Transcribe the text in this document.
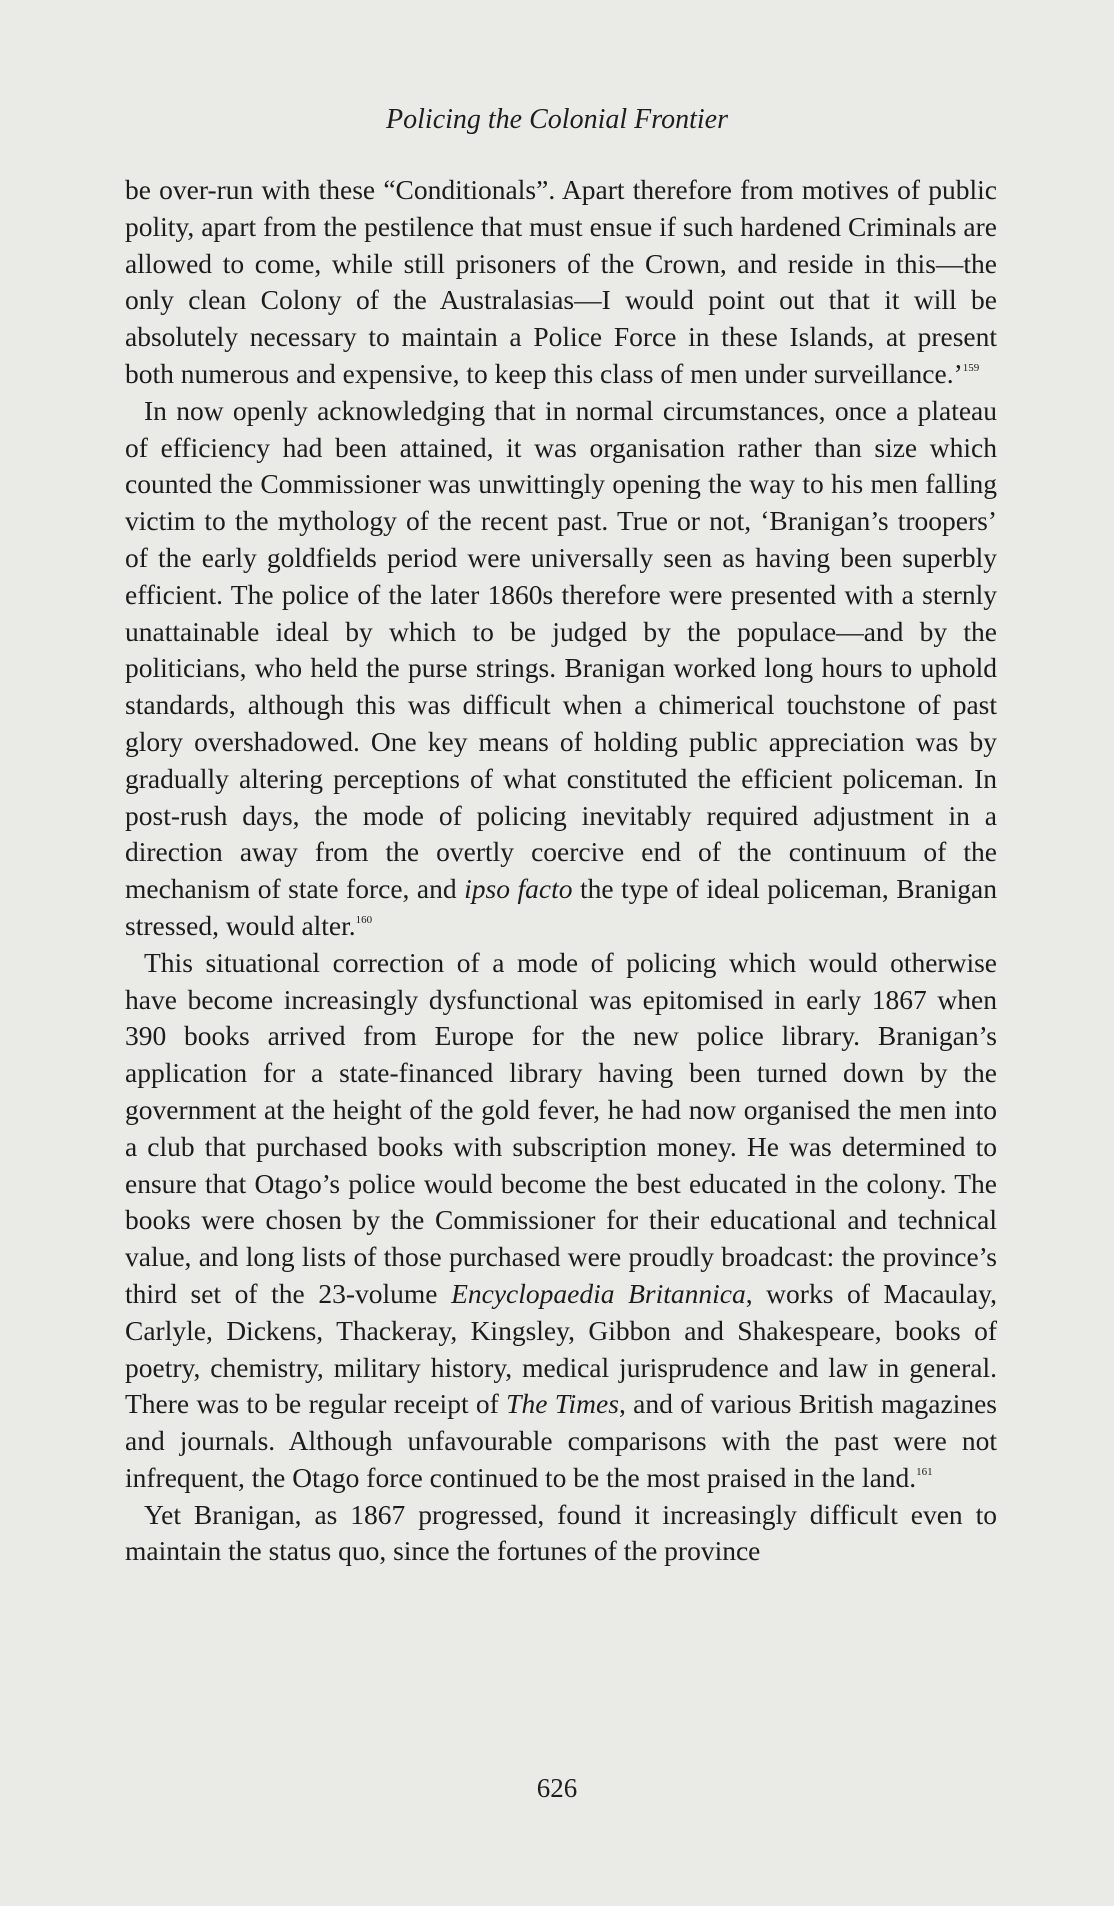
Policing the Colonial Frontier

be over-run with these “Conditionals”. Apart therefore from motives of public polity, apart from the pestilence that must ensue if such hardened Criminals are allowed to come, while still prisoners of the Crown, and reside in this—the only clean Colony of the Australasias—I would point out that it will be absolutely necessary to maintain a Police Force in these Islands, at present both numerous and expensive, to keep this class of men under surveillance.’$^{159}$

In now openly acknowledging that in normal circumstances, once a plateau of efficiency had been attained, it was organisation rather than size which counted the Commissioner was unwittingly opening the way to his men falling victim to the mythology of the recent past. True or not, ‘Branigan’s troopers’ of the early goldfields period were universally seen as having been superbly efficient. The police of the later 1860s therefore were presented with a sternly unattainable ideal by which to be judged by the populace—and by the politicians, who held the purse strings. Branigan worked long hours to uphold standards, although this was difficult when a chimerical touchstone of past glory overshadowed. One key means of holding public appreciation was by gradually altering perceptions of what constituted the efficient policeman. In post-rush days, the mode of policing inevitably required adjustment in a direction away from the overtly coercive end of the continuum of the mechanism of state force, and ipso facto the type of ideal policeman, Branigan stressed, would alter.$^{160}$

This situational correction of a mode of policing which would otherwise have become increasingly dysfunctional was epitomised in early 1867 when 390 books arrived from Europe for the new police library. Branigan’s application for a state-financed library having been turned down by the government at the height of the gold fever, he had now organised the men into a club that purchased books with subscription money. He was determined to ensure that Otago’s police would become the best educated in the colony. The books were chosen by the Commissioner for their educational and technical value, and long lists of those purchased were proudly broadcast: the province’s third set of the 23-volume Encyclopaedia Britannica, works of Macaulay, Carlyle, Dickens, Thackeray, Kingsley, Gibbon and Shakespeare, books of poetry, chemistry, military history, medical jurisprudence and law in general. There was to be regular receipt of The Times, and of various British magazines and journals. Although unfavourable comparisons with the past were not infrequent, the Otago force continued to be the most praised in the land.$^{161}$

Yet Branigan, as 1867 progressed, found it increasingly difficult even to maintain the status quo, since the fortunes of the province

626
